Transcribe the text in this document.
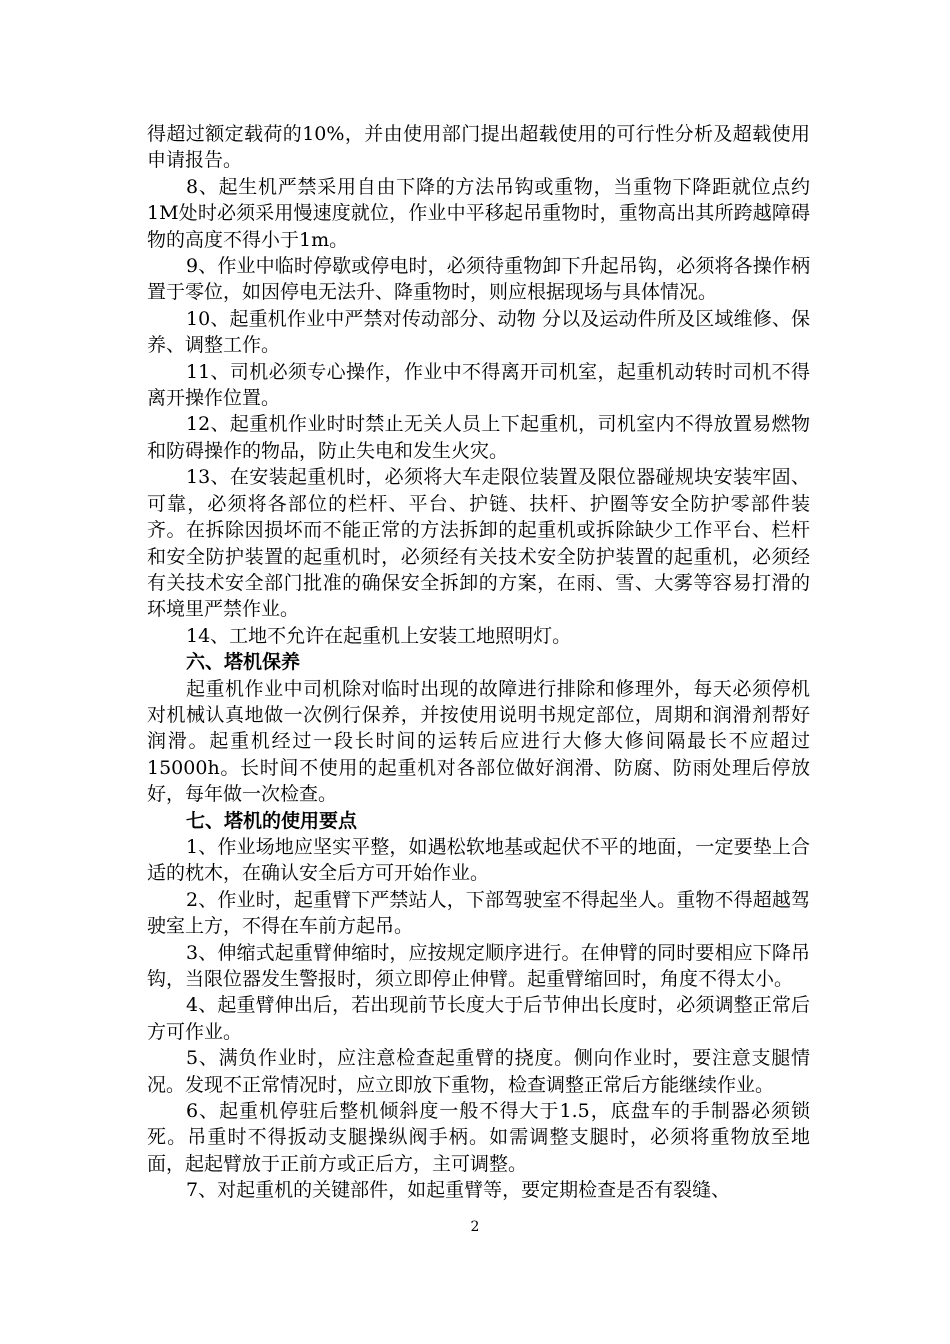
得超过额定载荷的10%，并由使用部门提出超载使用的可行性分析及超载使用申请报告。

8、起生机严禁采用自由下降的方法吊钩或重物，当重物下降距就位点约1M处时必须采用慢速度就位，作业中平移起吊重物时，重物高出其所跨越障碍物的高度不得小于1m。

9、作业中临时停歇或停电时，必须待重物卸下升起吊钩，必须将各操作柄置于零位，如因停电无法升、降重物时，则应根据现场与具体情况。

10、起重机作业中严禁对传动部分、动物 分以及运动件所及区域维修、保养、调整工作。

11、司机必须专心操作，作业中不得离开司机室，起重机动转时司机不得离开操作位置。

12、起重机作业时时禁止无关人员上下起重机，司机室内不得放置易燃物和防碍操作的物品，防止失电和发生火灾。

13、在安装起重机时，必须将大车走限位装置及限位器碰规块安装牢固、可靠，必须将各部位的栏杆、平台、护链、扶杆、护圈等安全防护零部件装齐。在拆除因损坏而不能正常的方法拆卸的起重机或拆除缺少工作平台、栏杆和安全防护装置的起重机时，必须经有关技术安全防护装置的起重机，必须经有关技术安全部门批准的确保安全拆卸的方案，在雨、雪、大雾等容易打滑的环境里严禁作业。

14、工地不允许在起重机上安装工地照明灯。

六、塔机保养

起重机作业中司机除对临时出现的故障进行排除和修理外，每天必须停机对机械认真地做一次例行保养，并按使用说明书规定部位，周期和润滑剂帮好润滑。起重机经过一段长时间的运转后应进行大修大修间隔最长不应超过15000h。长时间不使用的起重机对各部位做好润滑、防腐、防雨处理后停放好，每年做一次检查。

七、塔机的使用要点

1、作业场地应坚实平整，如遇松软地基或起伏不平的地面，一定要垫上合适的枕木，在确认安全后方可开始作业。

2、作业时，起重臂下严禁站人，下部驾驶室不得起坐人。重物不得超越驾驶室上方，不得在车前方起吊。

3、伸缩式起重臂伸缩时，应按规定顺序进行。在伸臂的同时要相应下降吊钩，当限位器发生警报时，须立即停止伸臂。起重臂缩回时，角度不得太小。

4、起重臂伸出后，若出现前节长度大于后节伸出长度时，必须调整正常后方可作业。

5、满负作业时，应注意检查起重臂的挠度。侧向作业时，要注意支腿情况。发现不正常情况时，应立即放下重物，检查调整正常后方能继续作业。

6、起重机停驻后整机倾斜度一般不得大于1.5，底盘车的手制器必须锁死。吊重时不得扳动支腿操纵阀手柄。如需调整支腿时，必须将重物放至地面，起起臂放于正前方或正后方，主可调整。

7、对起重机的关键部件，如起重臂等，要定期检查是否有裂缝、

2
